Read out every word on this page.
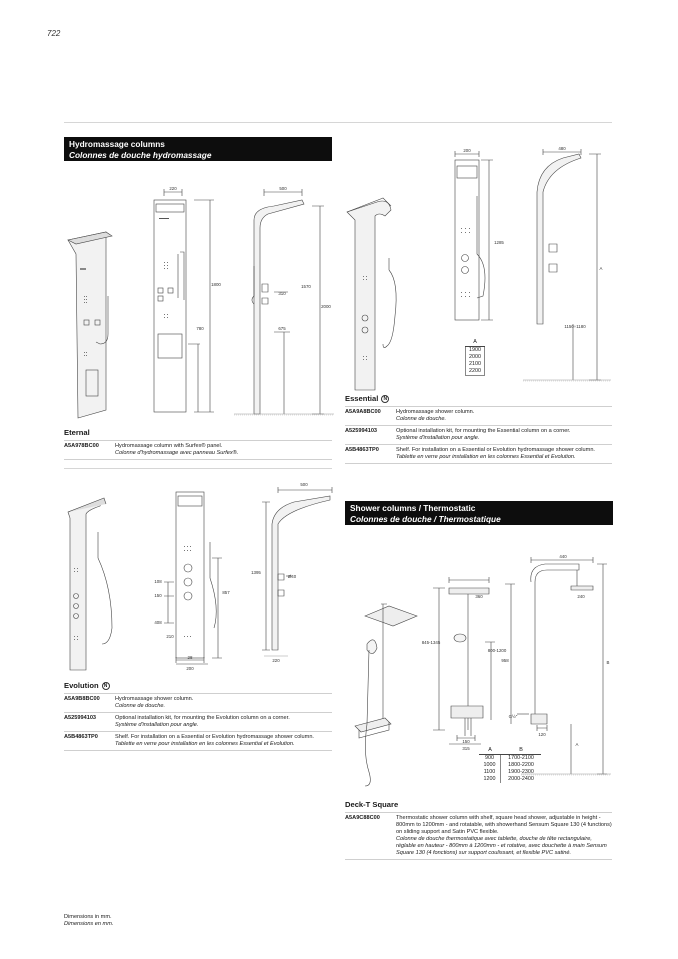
722
Hydromassage columns
Colonnes de douche hydromassage
220	500
1800	1570
310
2000
780	675
Eternal
A5A978BC00	Hydromassage column with Surfex® panel.
Colonne d'hydromassage avec panneau Surfex®.
200	480
1285
A
1150÷1180
A
1900
2000
2100
2200
Essential N
A5A9A8BC00	Hydromassage shower column.
Colonne de douche.
A525994103	Optional installation kit, for mounting the Essential column on a corner.
Système d'installation pour angle.
A5B4863TP0	Shelf. For installation on a Essential or Evolution hydromassage shower column.
Tablette en verre pour installation en les colonnes Essential et Evolution.
500
1395
108
150
857
408
210
28
200
220
Ø40
Evolution N
A5A9B8BC00	Hydromassage shower column.
Colonne de douche.
A525994103	Optional installation kit, for mounting the Evolution column on a corner.
Système d'installation pour angle.
A5B4863TP0	Shelf. For installation on a Essential or Evolution hydromassage shower column.
Tablette en verre pour installation en les colonnes Essential et Evolution.
Shower columns / Thermostatic
Colonnes de douche / Thermostatique
440
360	240
845-1345
800-1200
958	B
A
150
315
120
G½"
A	B
900	1700-2100
1000	1800-2200
1100	1900-2300
1200	2000-2400
Deck-T Square
A5A9C88C00	Thermostatic shower column with shelf, square head shower, adjustable in height - 800mm to 1200mm - and rotatable, with showerhand Sensum Square 130 (4 functions) on sliding support and Satin PVC flexible.
Colonne de douche thermostatique avec tablette, douche de tête rectangulaire, réglable en hauteur - 800mm à 1200mm - et rotative, avec douchette à main Sensum Square 130 (4 fonctions) sur support coulissant, et flexible PVC satiné.
Dimensions in mm.
Dimensions en mm.
